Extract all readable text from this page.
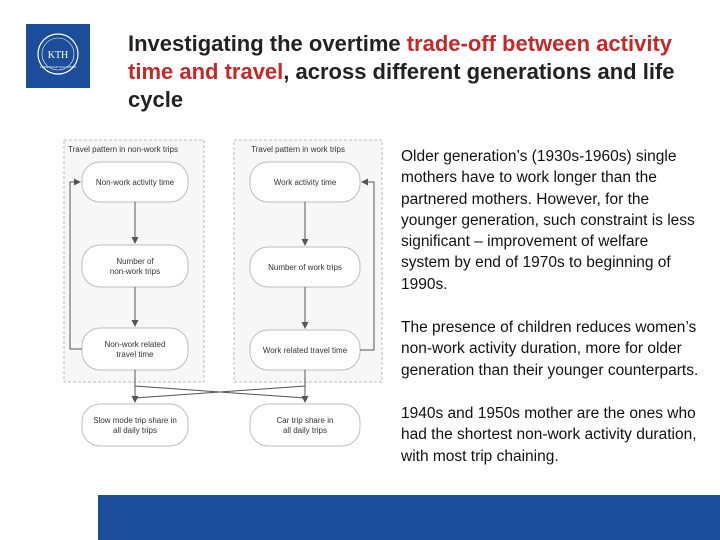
KTH
VETENSKAP OCH KONST
Investigating the overtime trade-off between activity time and travel, across different generations and life cycle
Travel pattern in non-work trips
Non-work activity time
Number of
non-work trips
Non-work related
travel time
Travel pattern in work trips
Work activity time
Number of work trips
Work related travel time
Slow mode trip share in
all daily trips
Car trip share in
all daily trips

Older generation’s (1930s-1960s) single mothers have to work longer than the partnered mothers. However, for the younger generation, such constraint is less significant – improvement of welfare system by end of 1970s to beginning of 1990s.

The presence of children reduces women’s non-work activity duration, more for older generation than their younger counterparts.

1940s and 1950s mother are the ones who had the shortest non-work activity duration, with most trip chaining.
